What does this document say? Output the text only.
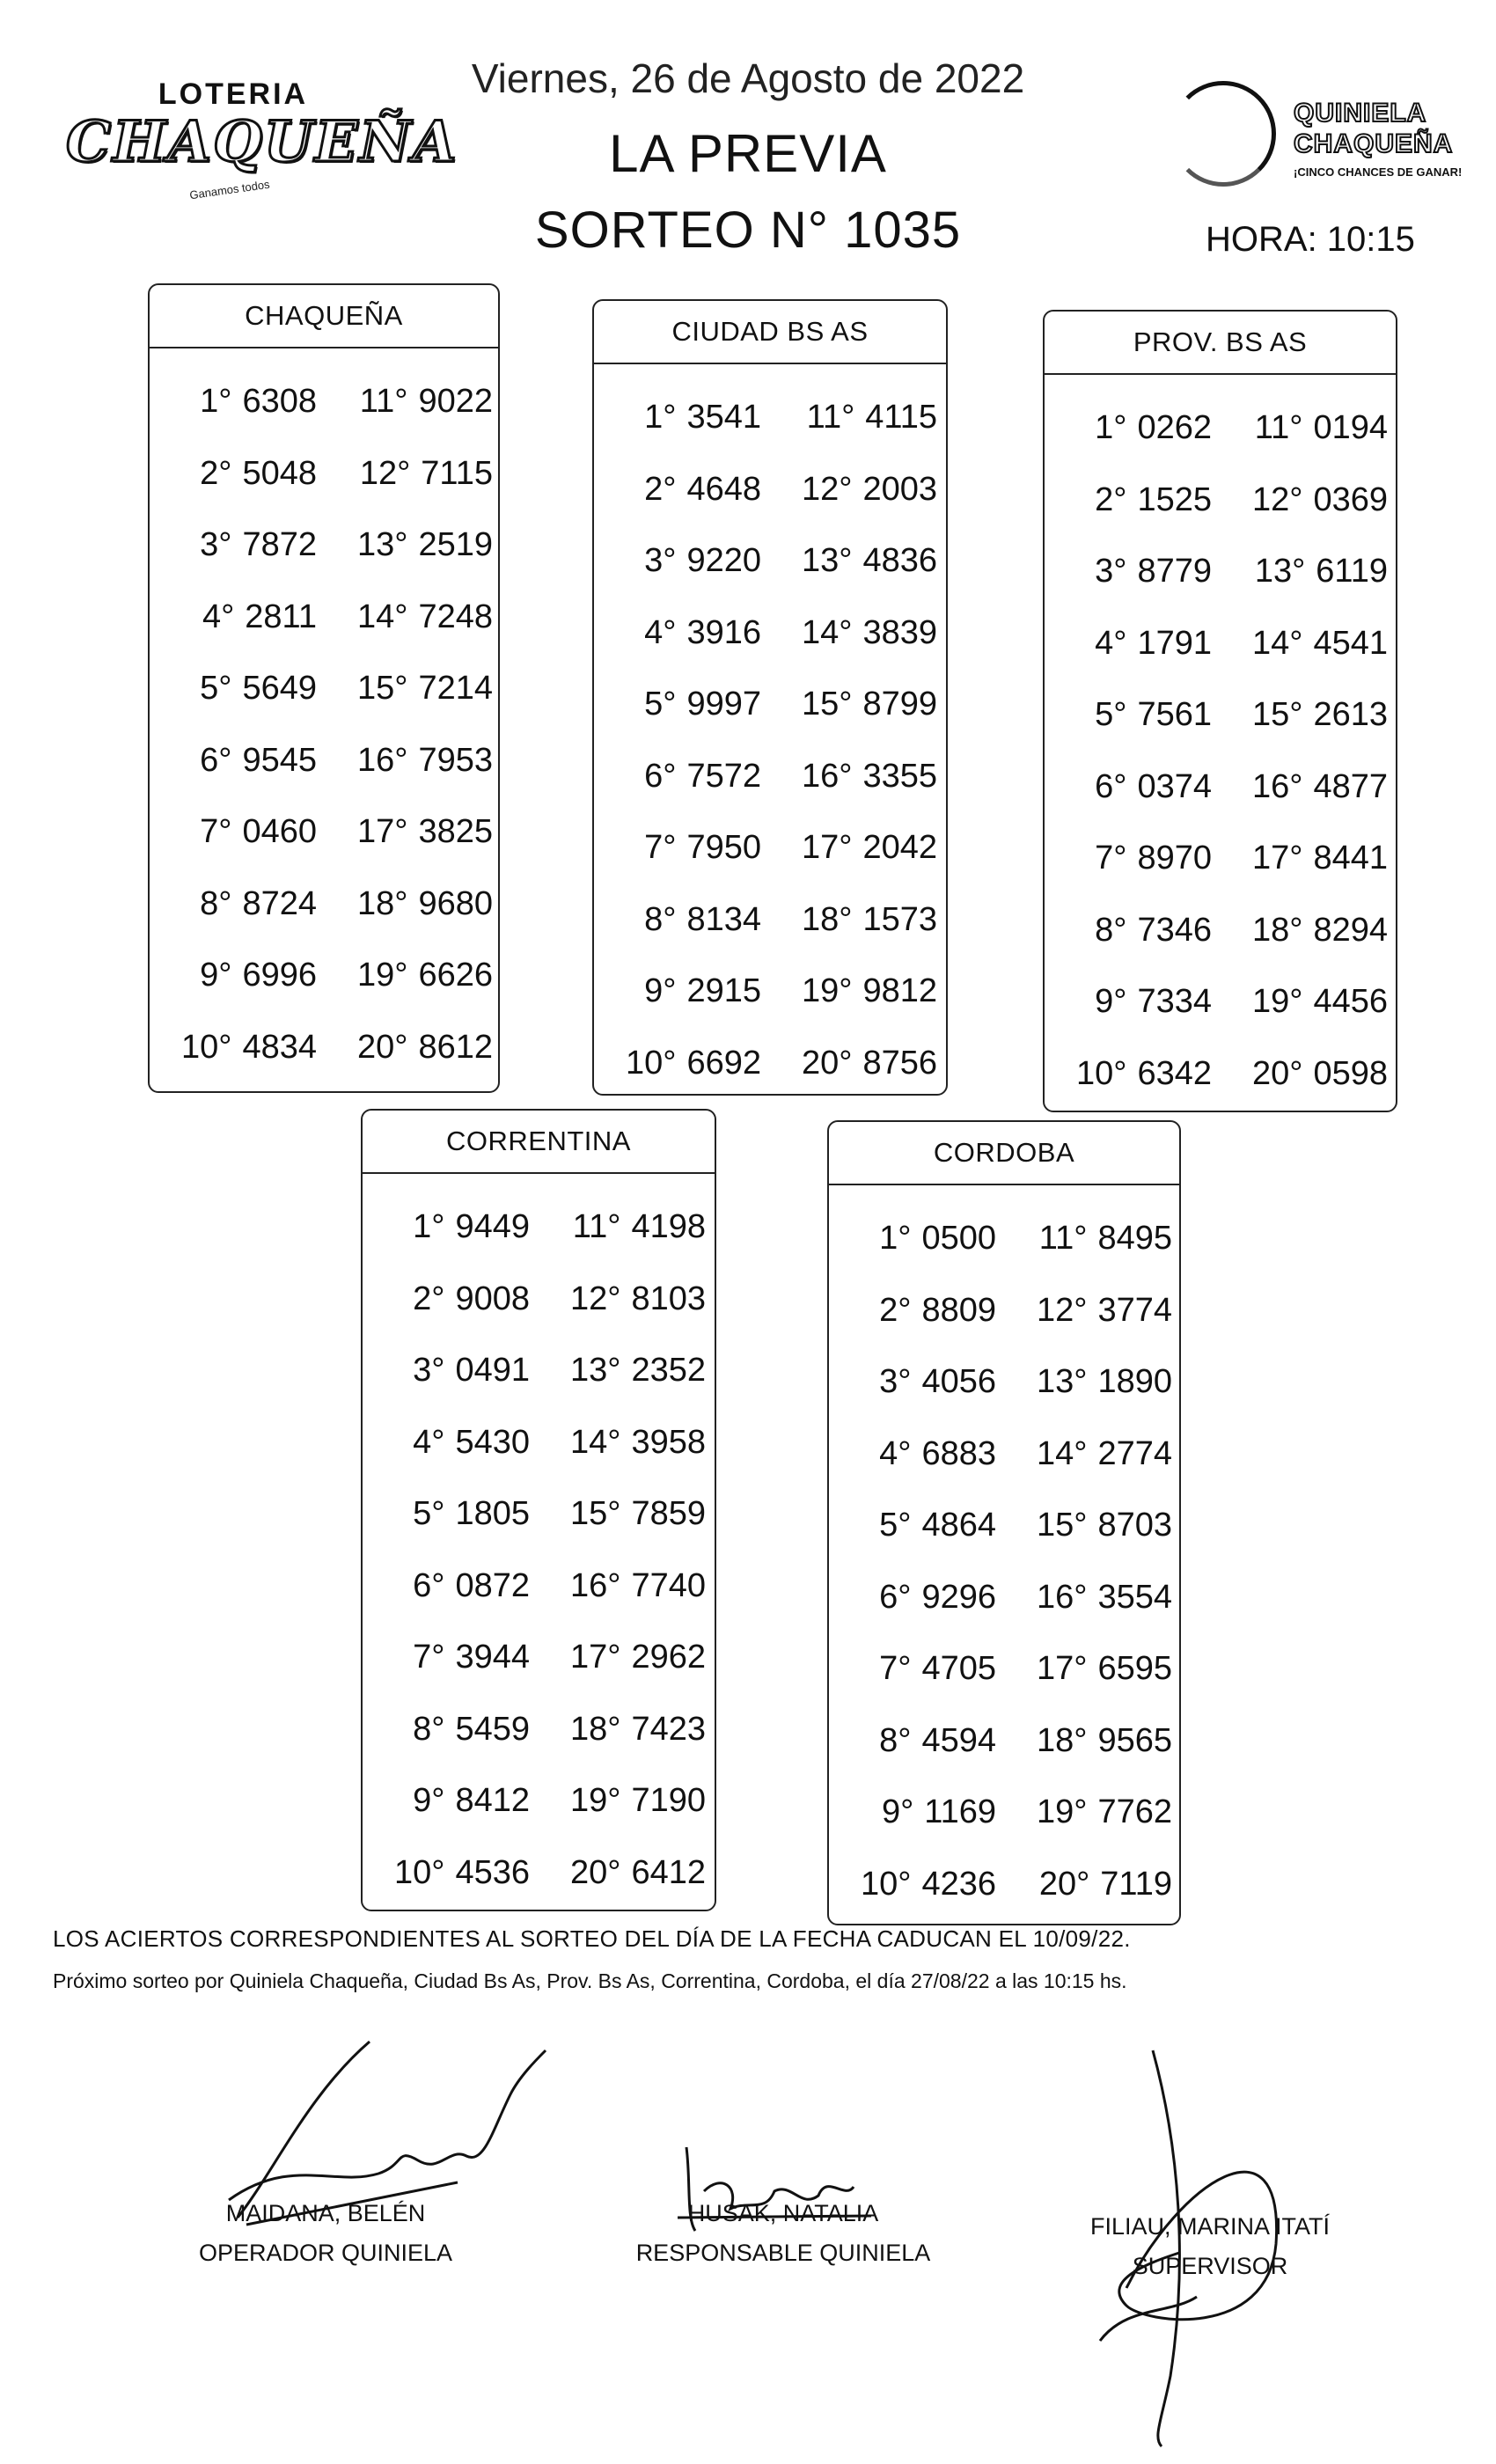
LOTERIA
CHAQUEÑA
Ganamos todos
Viernes, 26 de Agosto de 2022
LA PREVIA
SORTEO N° 1035
QUINIELA
CHAQUEÑA
¡CINCO CHANCES DE GANAR!
HORA: 10:15
CHAQUEÑA
1° 6308 11° 9022
2° 5048 12° 7115
3° 7872 13° 2519
4° 2811 14° 7248
5° 5649 15° 7214
6° 9545 16° 7953
7° 0460 17° 3825
8° 8724 18° 9680
9° 6996 19° 6626
10° 4834 20° 8612
CIUDAD BS AS
1° 3541 11° 4115
2° 4648 12° 2003
3° 9220 13° 4836
4° 3916 14° 3839
5° 9997 15° 8799
6° 7572 16° 3355
7° 7950 17° 2042
8° 8134 18° 1573
9° 2915 19° 9812
10° 6692 20° 8756
PROV. BS AS
1° 0262 11° 0194
2° 1525 12° 0369
3° 8779 13° 6119
4° 1791 14° 4541
5° 7561 15° 2613
6° 0374 16° 4877
7° 8970 17° 8441
8° 7346 18° 8294
9° 7334 19° 4456
10° 6342 20° 0598
CORRENTINA
1° 9449 11° 4198
2° 9008 12° 8103
3° 0491 13° 2352
4° 5430 14° 3958
5° 1805 15° 7859
6° 0872 16° 7740
7° 3944 17° 2962
8° 5459 18° 7423
9° 8412 19° 7190
10° 4536 20° 6412
CORDOBA
1° 0500 11° 8495
2° 8809 12° 3774
3° 4056 13° 1890
4° 6883 14° 2774
5° 4864 15° 8703
6° 9296 16° 3554
7° 4705 17° 6595
8° 4594 18° 9565
9° 1169 19° 7762
10° 4236 20° 7119
LOS ACIERTOS CORRESPONDIENTES AL SORTEO DEL DÍA DE LA FECHA CADUCAN EL 10/09/22.
Próximo sorteo por Quiniela Chaqueña, Ciudad Bs As, Prov. Bs As, Correntina, Cordoba, el día 27/08/22 a las 10:15 hs.
MAIDANA, BELÉN
OPERADOR QUINIELA
HUSAK, NATALIA
RESPONSABLE QUINIELA
FILIAU, MARINA ITATÍ
SUPERVISOR
